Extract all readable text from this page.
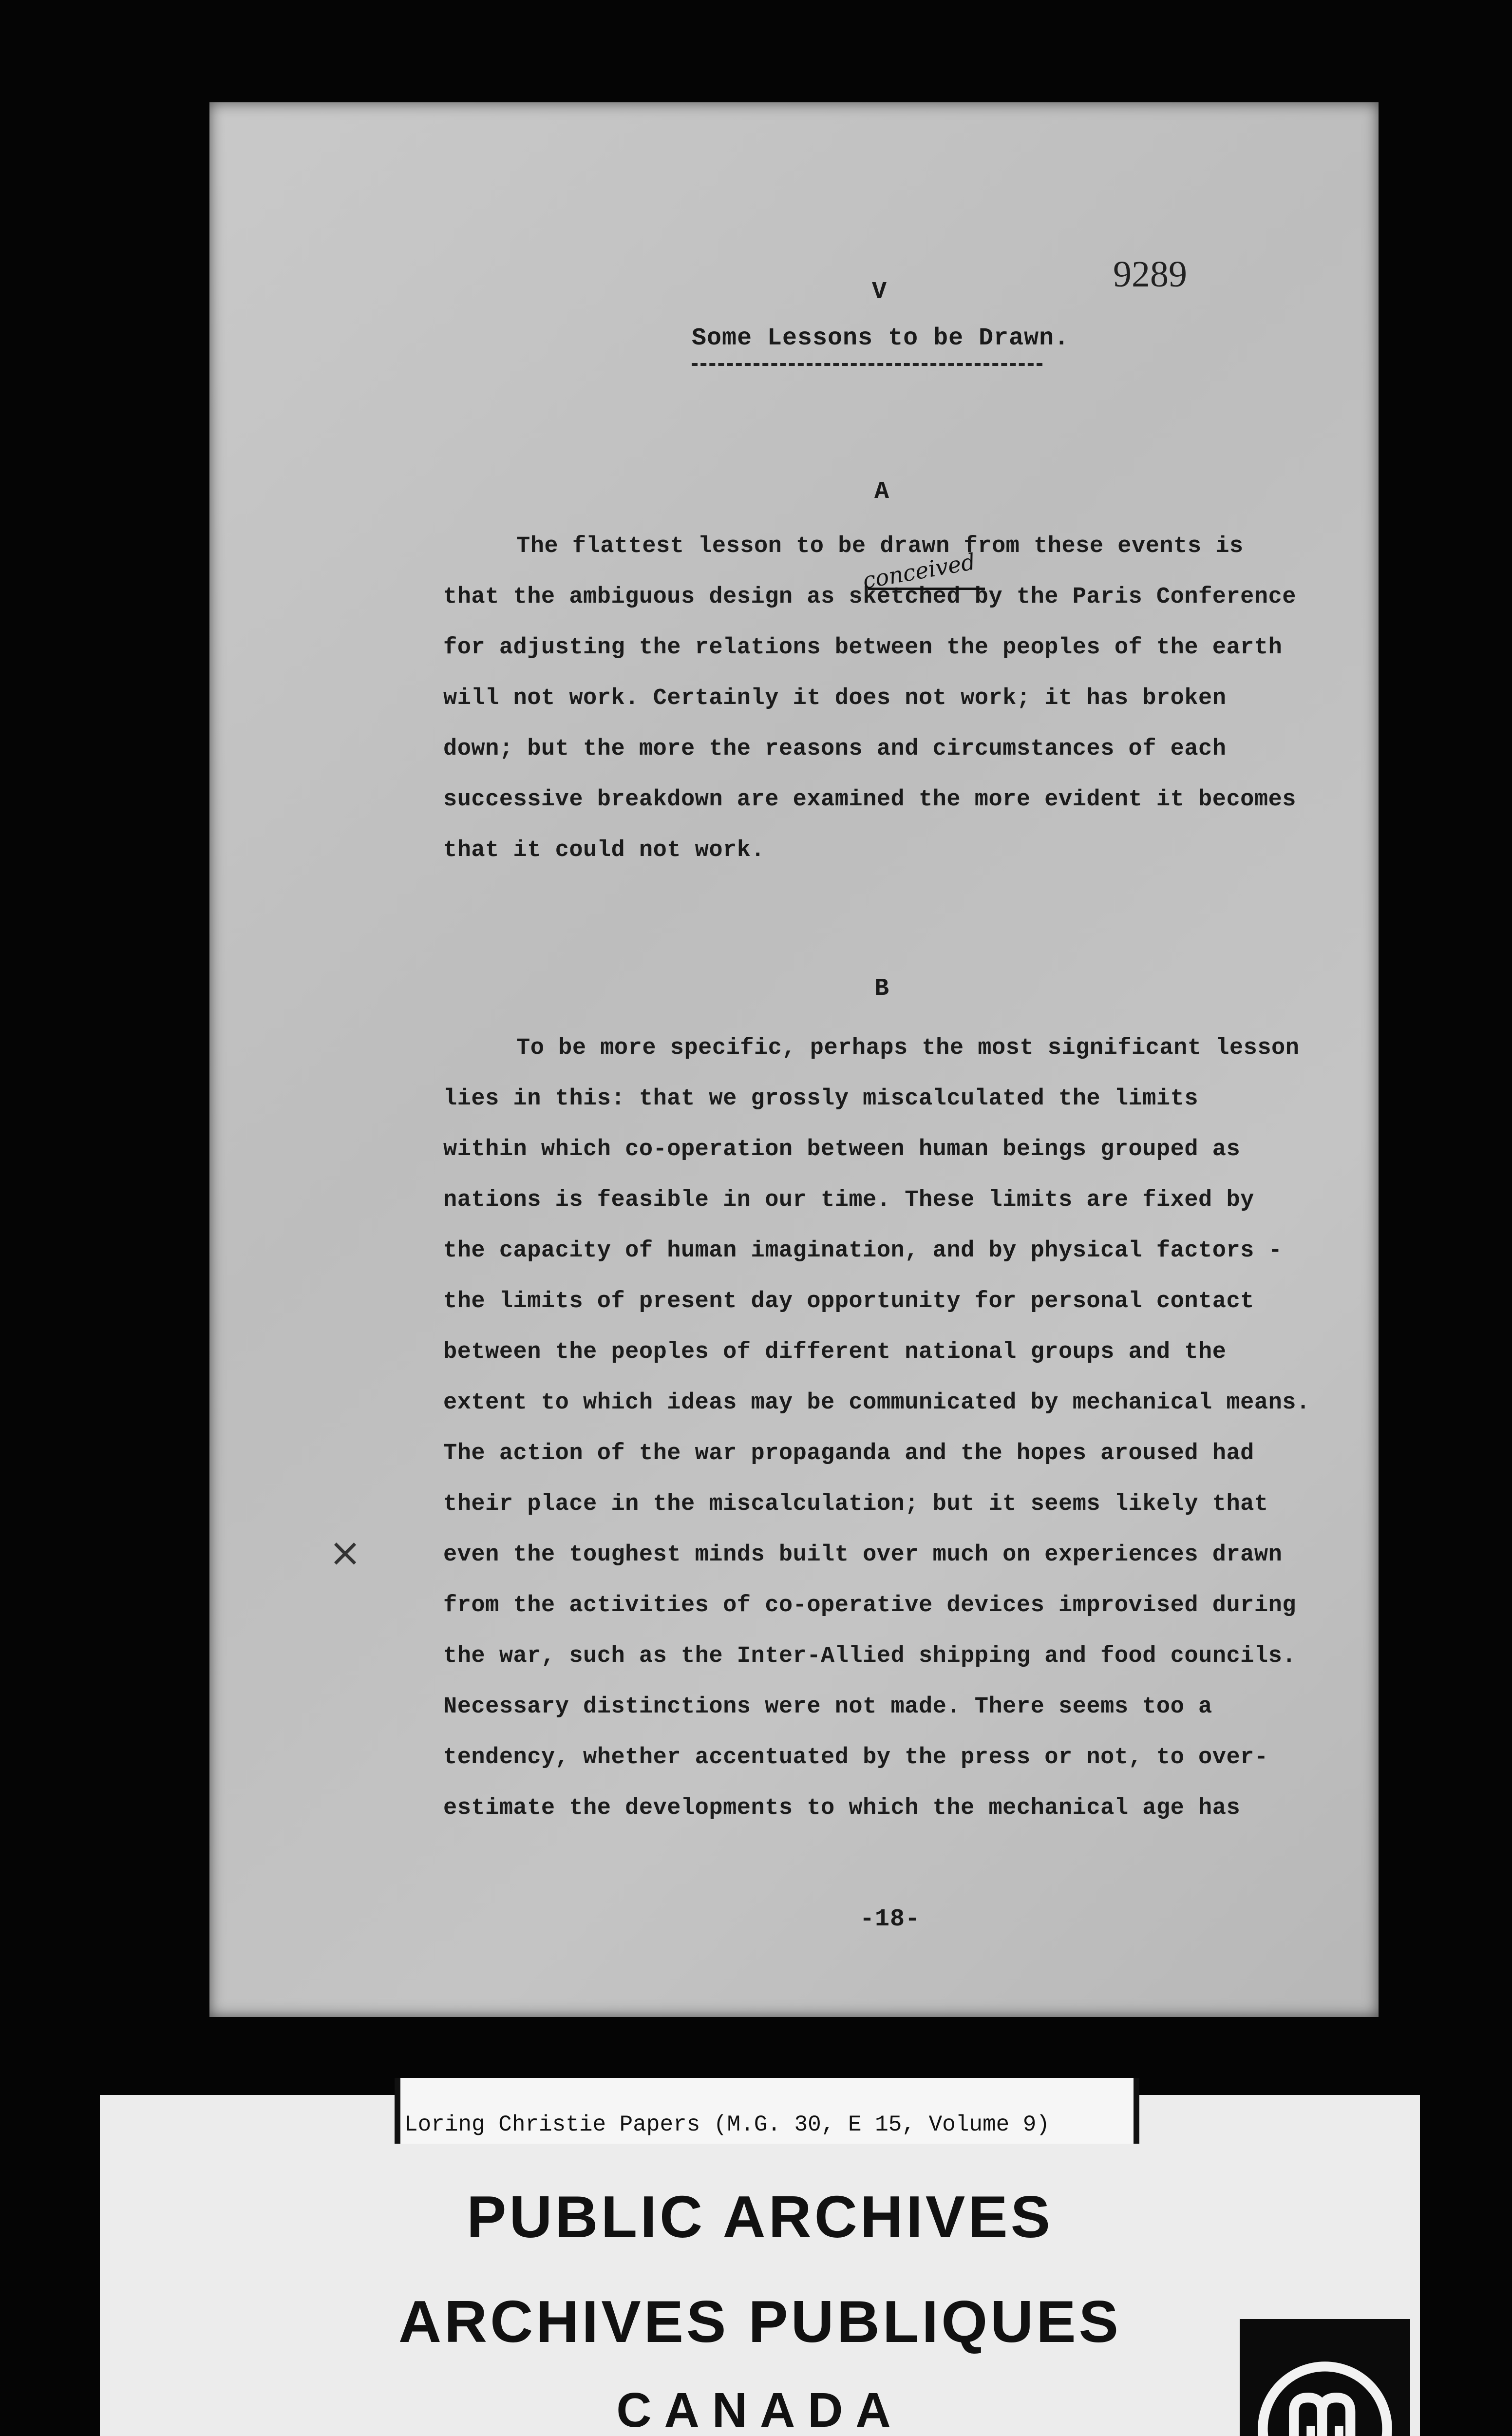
9289
V
Some Lessons to be Drawn.
A
The flattest lesson to be drawn from these events is
that the ambiguous design as sketched by the Paris Conference
for adjusting the relations between the peoples of the earth
will not work. Certainly it does not work; it has broken
down; but the more the reasons and circumstances of each
successive breakdown are examined the more evident it becomes
that it could not work.
conceived
B
To be more specific, perhaps the most significant lesson
lies in this: that we grossly miscalculated the limits
within which co-operation between human beings grouped as
nations is feasible in our time. These limits are fixed by
the capacity of human imagination, and by physical factors -
the limits of present day opportunity for personal contact
between the peoples of different national groups and the
extent to which ideas may be communicated by mechanical means.
The action of the war propaganda and the hopes aroused had
their place in the miscalculation; but it seems likely that
even the toughest minds built over much on experiences drawn
from the activities of co-operative devices improvised during
the war, such as the Inter-Allied shipping and food councils.
Necessary distinctions were not made. There seems too a
tendency, whether accentuated by the press or not, to over-
estimate the developments to which the mechanical age has
×
-18-
Loring Christie Papers (M.G. 30, E 15, Volume 9)
PUBLIC ARCHIVES
ARCHIVES PUBLIQUES
CANADA
